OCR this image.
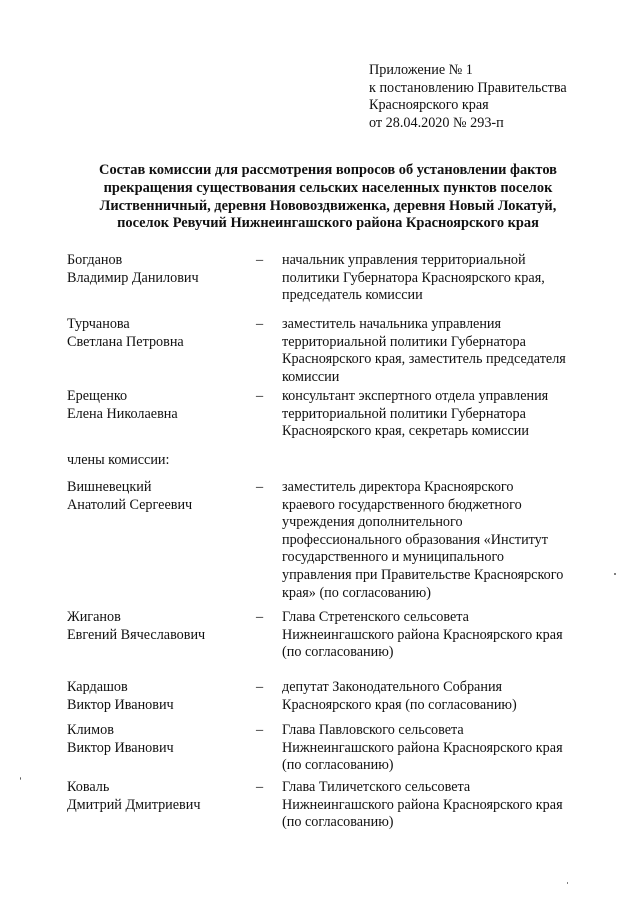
Приложение № 1
к постановлению Правительства
Красноярского края
от 28.04.2020 № 293-п
Состав комиссии для рассмотрения вопросов об установлении фактов
прекращения существования сельских населенных пунктов поселок
Лиственничный, деревня Нововоздвиженка, деревня Новый Локатуй,
поселок Ревучий Нижнеингашского района Красноярского края
Богданов
Владимир Данилович
–	начальник управления территориальной
политики Губернатора Красноярского края,
председатель комиссии
Турчанова
Светлана Петровна
–	заместитель начальника управления
территориальной политики Губернатора
Красноярского края, заместитель председателя
комиссии
Ерещенко
Елена Николаевна
–	консультант экспертного отдела управления
территориальной политики Губернатора
Красноярского края, секретарь комиссии
Вишневецкий
Анатолий Сергеевич
–	заместитель директора Красноярского
краевого государственного бюджетного
учреждения дополнительного
профессионального образования «Институт
государственного и муниципального
управления при Правительстве Красноярского
края» (по согласованию)
Жиганов
Евгений Вячеславович
–	Глава Стретенского сельсовета
Нижнеингашского района Красноярского края
(по согласованию)
Кардашов
Виктор Иванович
–	депутат Законодательного Собрания
Красноярского края (по согласованию)
Климов
Виктор Иванович
–	Глава Павловского сельсовета
Нижнеингашского района Красноярского края
(по согласованию)
Коваль
Дмитрий Дмитриевич
–	Глава Тиличетского сельсовета
Нижнеингашского района Красноярского края
(по согласованию)
члены комиссии:
